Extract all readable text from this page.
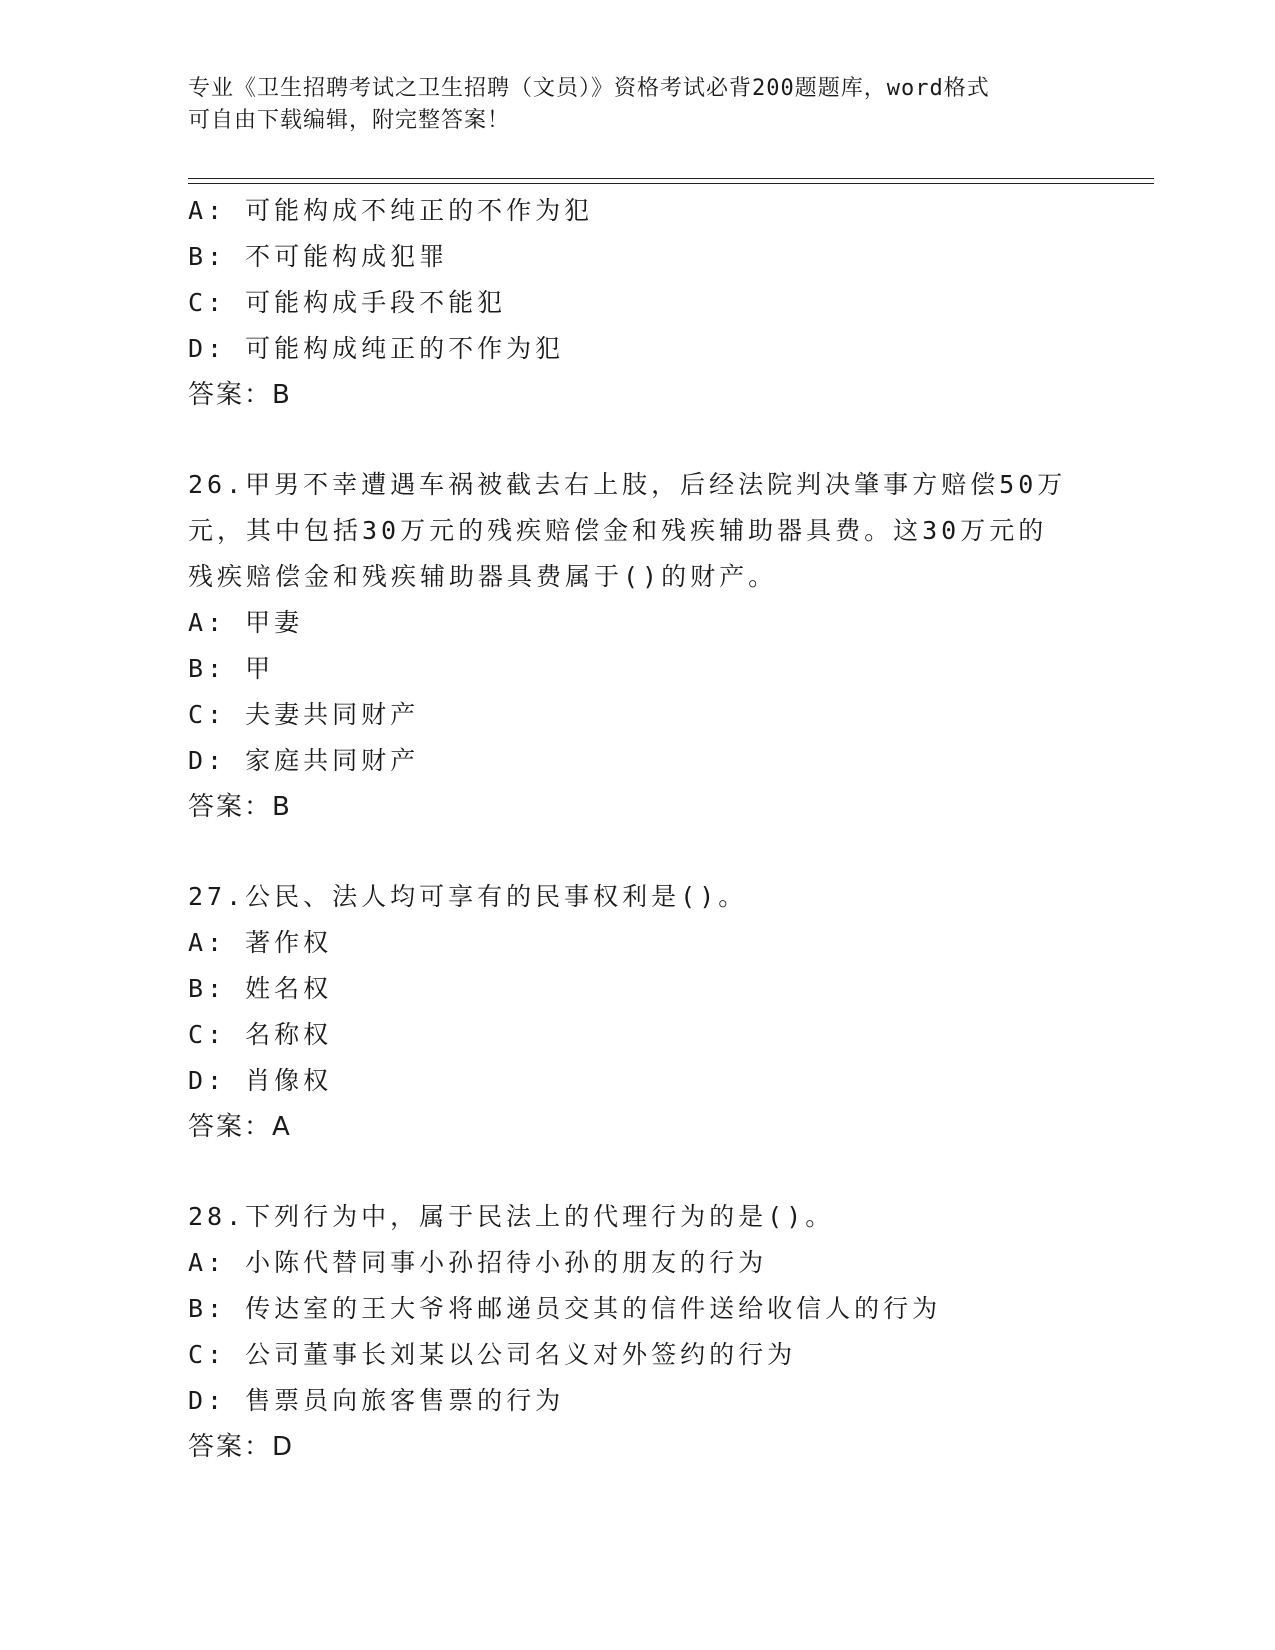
专业《卫生招聘考试之卫生招聘（文员）》资格考试必背200题题库，word格式
可自由下载编辑，附完整答案！
A: 可能构成不纯正的不作为犯
B: 不可能构成犯罪
C: 可能构成手段不能犯
D: 可能构成纯正的不作为犯
答案：B
26.甲男不幸遭遇车祸被截去右上肢，后经法院判决肇事方赔偿50万
元，其中包括30万元的残疾赔偿金和残疾辅助器具费。这30万元的
残疾赔偿金和残疾辅助器具费属于()的财产。
A: 甲妻
B: 甲
C: 夫妻共同财产
D: 家庭共同财产
答案：B
27.公民、法人均可享有的民事权利是()。
A: 著作权
B: 姓名权
C: 名称权
D: 肖像权
答案：A
28.下列行为中，属于民法上的代理行为的是()。
A: 小陈代替同事小孙招待小孙的朋友的行为
B: 传达室的王大爷将邮递员交其的信件送给收信人的行为
C: 公司董事长刘某以公司名义对外签约的行为
D: 售票员向旅客售票的行为
答案：D
